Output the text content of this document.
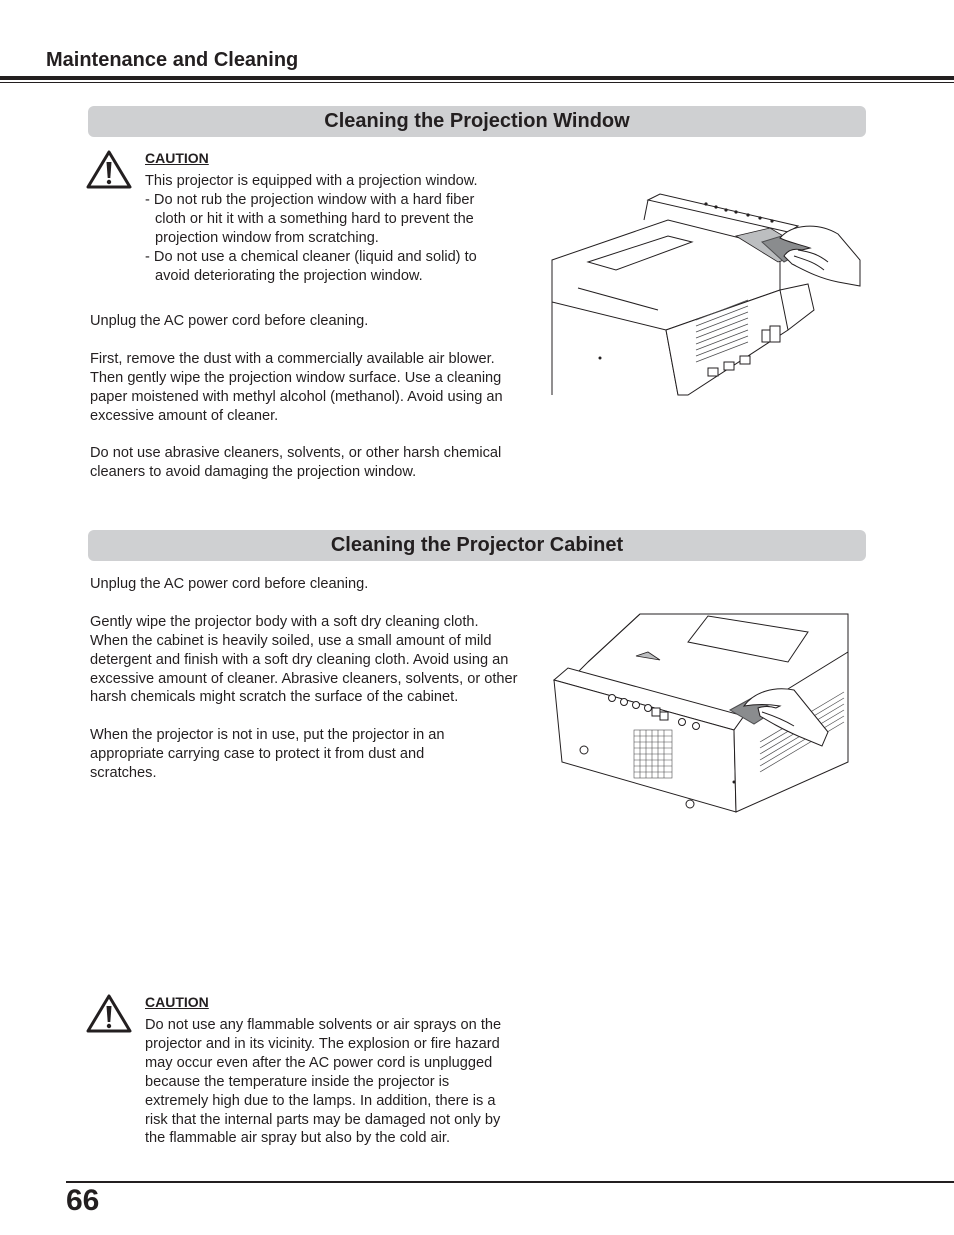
Maintenance and Cleaning
Cleaning the Projection Window
CAUTION

This projector is equipped with a projection window.

- Do not rub the projection window with a hard fiber cloth or hit it with a something hard to prevent the projection window from scratching.

- Do not use a chemical cleaner (liquid and solid) to avoid deteriorating the projection window.

Unplug the AC power cord before cleaning.

First, remove the dust with a commercially available air blower. Then gently wipe the projection window surface. Use a cleaning paper moistened with methyl alcohol (methanol). Avoid using an excessive amount of cleaner.

Do not use abrasive cleaners, solvents, or other harsh chemical cleaners to avoid damaging the projection window.

Cleaning the Projector Cabinet

Unplug the AC power cord before cleaning.

Gently wipe the projector body with a soft dry cleaning cloth. When the cabinet is heavily soiled, use a small amount of mild detergent and finish with a soft dry cleaning cloth. Avoid using an excessive amount of cleaner. Abrasive cleaners, solvents, or other harsh chemicals might scratch the surface of the cabinet.

When the projector is not in use, put the projector in an appropriate carrying case to protect it from dust and scratches.

CAUTION
Do not use any flammable solvents or air sprays on the projector and in its vicinity. The explosion or fire hazard may occur even after the AC power cord is unplugged because the temperature inside the projector is extremely high due to the lamps. In addition, there is a risk that the internal parts may be damaged not only by the flammable air spray but also by the cold air.
66
